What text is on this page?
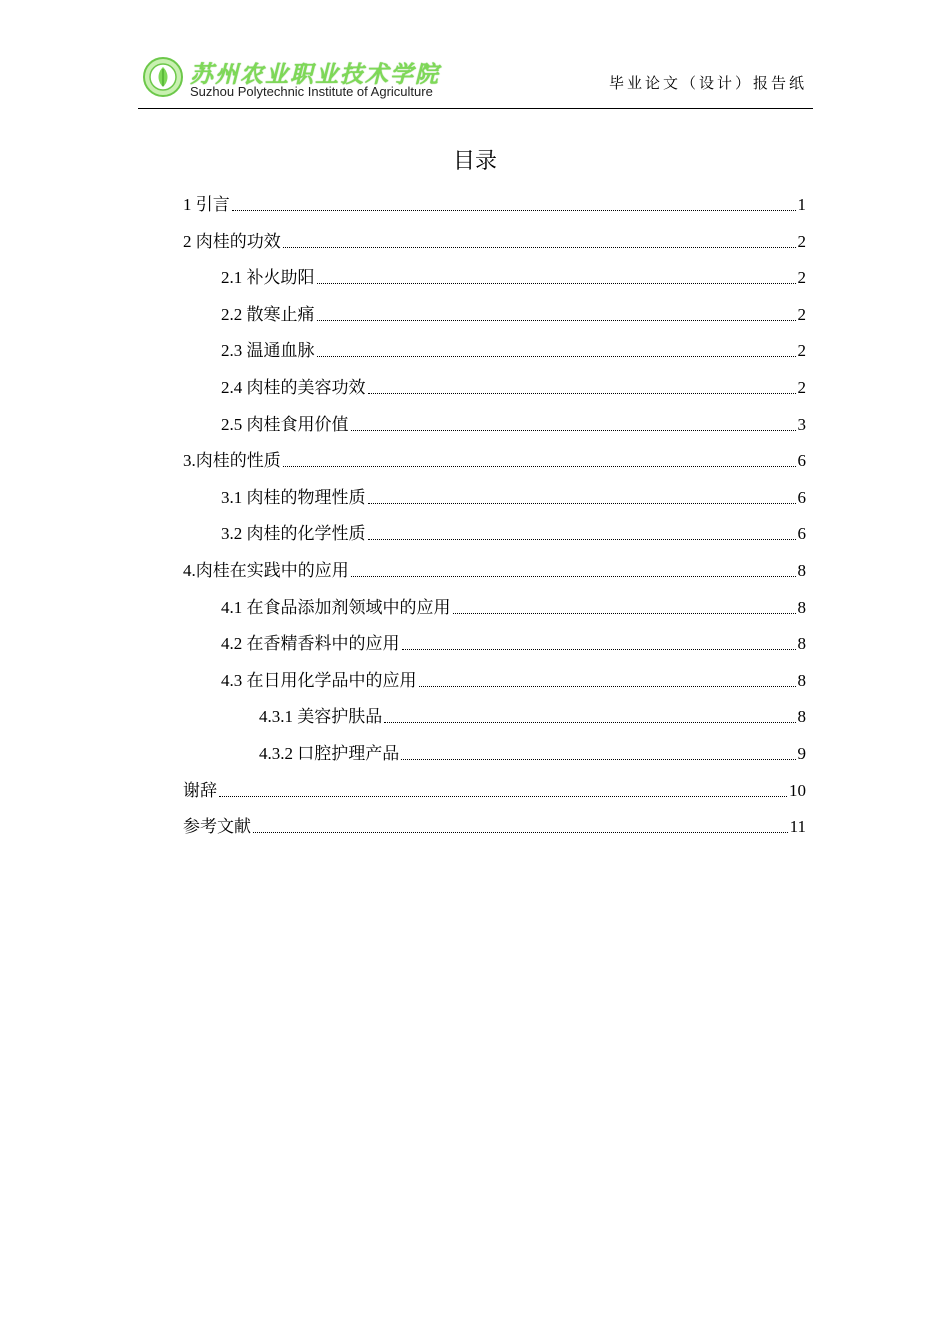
苏州农业职业技术学院
Suzhou Polytechnic Institute of Agriculture	毕业论文（设计）报告纸
目录
1 引言	1
2 肉桂的功效	2
2.1 补火助阳	2
2.2 散寒止痛	2
2.3 温通血脉	2
2.4 肉桂的美容功效	2
2.5 肉桂食用价值	3
3.肉桂的性质	6
3.1 肉桂的物理性质	6
3.2 肉桂的化学性质	6
4.肉桂在实践中的应用	8
4.1 在食品添加剂领域中的应用	8
4.2 在香精香料中的应用	8
4.3 在日用化学品中的应用	8
4.3.1 美容护肤品	8
4.3.2 口腔护理产品	9
谢辞	10
参考文献	11
